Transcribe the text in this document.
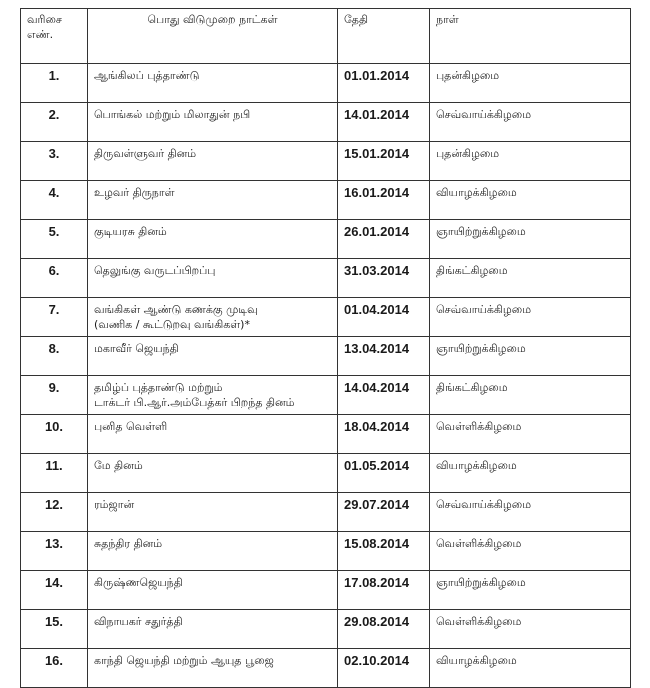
வரிசை
எண்.	பொது விடுமுறை நாட்கள்	தேதி	நாள்
1.	ஆங்கிலப் புத்தாண்டு	01.01.2014	புதன்கிழமை
2.	பொங்கல் மற்றும் மிலாதுன் நபி	14.01.2014	செவ்வாய்க்கிழமை
3.	திருவள்ளுவர் தினம்	15.01.2014	புதன்கிழமை
4.	உழவர் திருநாள்	16.01.2014	வியாழக்கிழமை
5.	குடியரசு தினம்	26.01.2014	ஞாயிற்றுக்கிழமை
6.	தெலுங்கு வருடப்பிறப்பு	31.03.2014	திங்கட்கிழமை
7.	வங்கிகள் ஆண்டு கணக்கு முடிவு
(வணிக / கூட்டுறவு வங்கிகள்)*	01.04.2014	செவ்வாய்க்கிழமை
8.	மகாவீர் ஜெயந்தி	13.04.2014	ஞாயிற்றுக்கிழமை
9.	தமிழ்ப் புத்தாண்டு மற்றும்
டாக்டர் பி.ஆர்.அம்பேத்கர் பிறந்த தினம்	14.04.2014	திங்கட்கிழமை
10.	புனித வெள்ளி	18.04.2014	வெள்ளிக்கிழமை
11.	மே தினம்	01.05.2014	வியாழக்கிழமை
12.	ரம்ஜான்	29.07.2014	செவ்வாய்க்கிழமை
13.	சுதந்திர தினம்	15.08.2014	வெள்ளிக்கிழமை
14.	கிருஷ்ணஜெயந்தி	17.08.2014	ஞாயிற்றுக்கிழமை
15.	விநாயகர் சதுர்த்தி	29.08.2014	வெள்ளிக்கிழமை
16.	காந்தி ஜெயந்தி மற்றும் ஆயுத பூஜை	02.10.2014	வியாழக்கிழமை
